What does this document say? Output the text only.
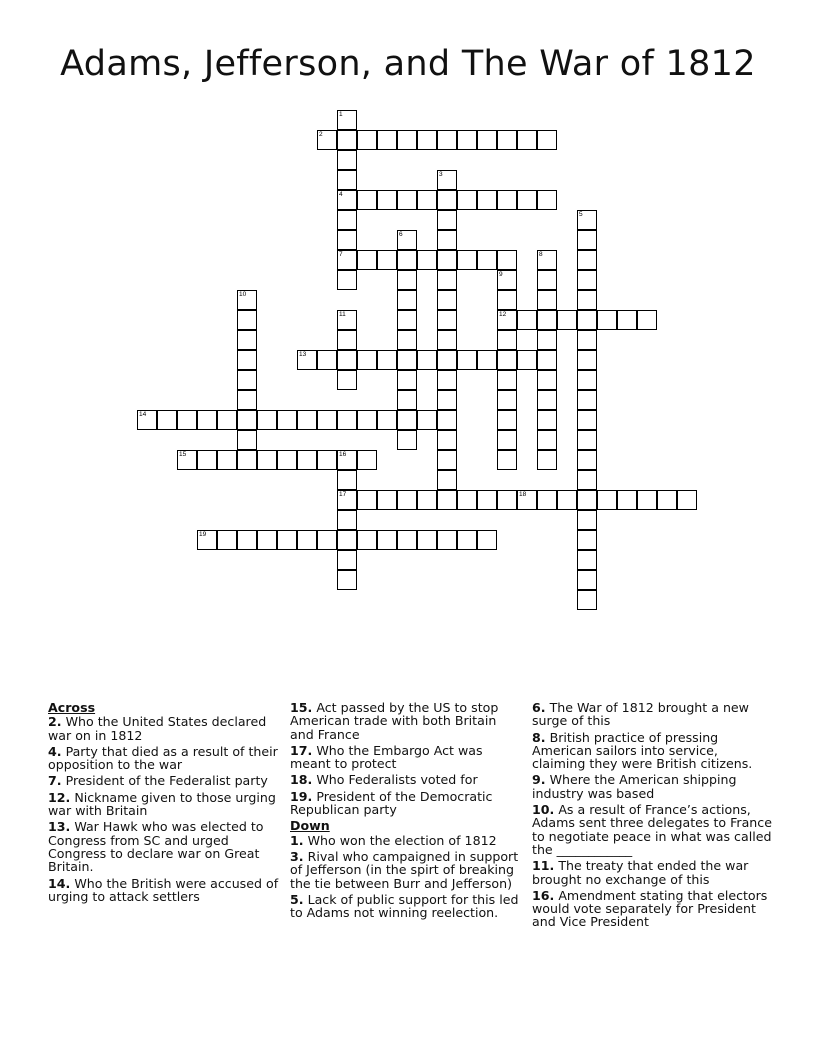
Adams, Jefferson, and The War of 1812
1
2
3
4
5
6
7	8
9
10
11	12
13
14
15	16
17	18
19
Across
2. Who the United States declared war on in 1812
4. Party that died as a result of their opposition to the war
7. President of the Federalist party
12. Nickname given to those urging war with Britain
13. War Hawk who was elected to Congress from SC and urged Congress to declare war on Great Britain.
14. Who the British were accused of urging to attack settlers
15. Act passed by the US to stop American trade with both Britain and France
17. Who the Embargo Act was meant to protect
18. Who Federalists voted for
19. President of the Democratic Republican party
Down
1. Who won the election of 1812
3. Rival who campaigned in support of Jefferson (in the spirt of breaking the tie between Burr and Jefferson)
5. Lack of public support for this led to Adams not winning reelection.
6. The War of 1812 brought a new surge of this
8. British practice of pressing American sailors into service, claiming they were British citizens.
9. Where the American shipping industry was based
10. As a result of France’s actions, Adams sent three delegates to France to negotiate peace in what was called the ____________
11. The treaty that ended the war brought no exchange of this
16. Amendment stating that electors would vote separately for President and Vice President
